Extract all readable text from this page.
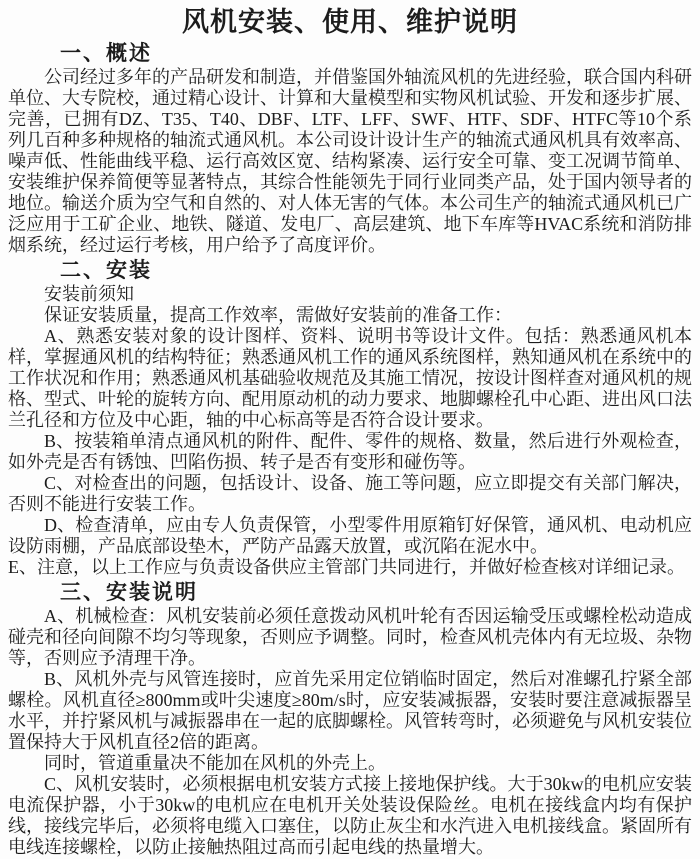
风机安装、使用、维护说明
一、概述

公司经过多年的产品研发和制造，并借鉴国外轴流风机的先进经验，联合国内科研单位、大专院校，通过精心设计、计算和大量模型和实物风机试验、开发和逐步扩展、完善，已拥有DZ、T35、T40、DBF、LTF、LFF、SWF、HTF、SDF、HTFC等10个系列几百种多种规格的轴流式通风机。本公司设计设计生产的轴流式通风机具有效率高、噪声低、性能曲线平稳、运行高效区宽、结构紧凑、运行安全可靠、变工况调节简单、安装维护保养简便等显著特点，其综合性能领先于同行业同类产品，处于国内领导者的地位。输送介质为空气和自然的、对人体无害的气体。本公司生产的轴流式通风机已广泛应用于工矿企业、地铁、隧道、发电厂、高层建筑、地下车库等HVAC系统和消防排烟系统，经过运行考核，用户给予了高度评价。

二、安装

安装前须知

保证安装质量，提高工作效率，需做好安装前的准备工作：

A、熟悉安装对象的设计图样、资料、说明书等设计文件。包括：熟悉通风机本样，掌握通风机的结构特征；熟悉通风机工作的通风系统图样，熟知通风机在系统中的工作状况和作用；熟悉通风机基础验收规范及其施工情况，按设计图样查对通风机的规格、型式、叶轮的旋转方向、配用原动机的动力要求、地脚螺栓孔中心距、进出风口法兰孔径和方位及中心距，轴的中心标高等是否符合设计要求。

B、按装箱单清点通风机的附件、配件、零件的规格、数量，然后进行外观检查，如外壳是否有锈蚀、凹陷伤损、转子是否有变形和碰伤等。

C、对检查出的问题，包括设计、设备、施工等问题，应立即提交有关部门解决，否则不能进行安装工作。

D、检查清单，应由专人负责保管，小型零件用原箱钉好保管，通风机、电动机应设防雨棚，产品底部设垫木，严防产品露天放置，或沉陷在泥水中。

E、注意，以上工作应与负责设备供应主管部门共同进行，并做好检查核对详细记录。

三、安装说明

A、机械检查：风机安装前必须任意拨动风机叶轮有否因运输受压或螺栓松动造成碰壳和径向间隙不均匀等现象，否则应予调整。同时，检查风机壳体内有无垃圾、杂物等，否则应予清理干净。

B、风机外壳与风管连接时，应首先采用定位销临时固定，然后对准螺孔拧紧全部螺栓。风机直径≥800mm或叶尖速度≥80m/s时，应安装减振器，安装时要注意减振器呈水平，并拧紧风机与减振器串在一起的底脚螺栓。风管转弯时，必须避免与风机安装位置保持大于风机直径2倍的距离。

同时，管道重量决不能加在风机的外壳上。

C、风机安装时，必须根据电机安装方式接上接地保护线。大于30kw的电机应安装电流保护器，小于30kw的电机应在电机开关处装设保险丝。电机在接线盒内均有保护线，接线完毕后，必须将电缆入口塞住，以防止灰尘和水汽进入电机接线盒。紧固所有电线连接螺栓，以防止接触热阻过高而引起电线的热量增大。
